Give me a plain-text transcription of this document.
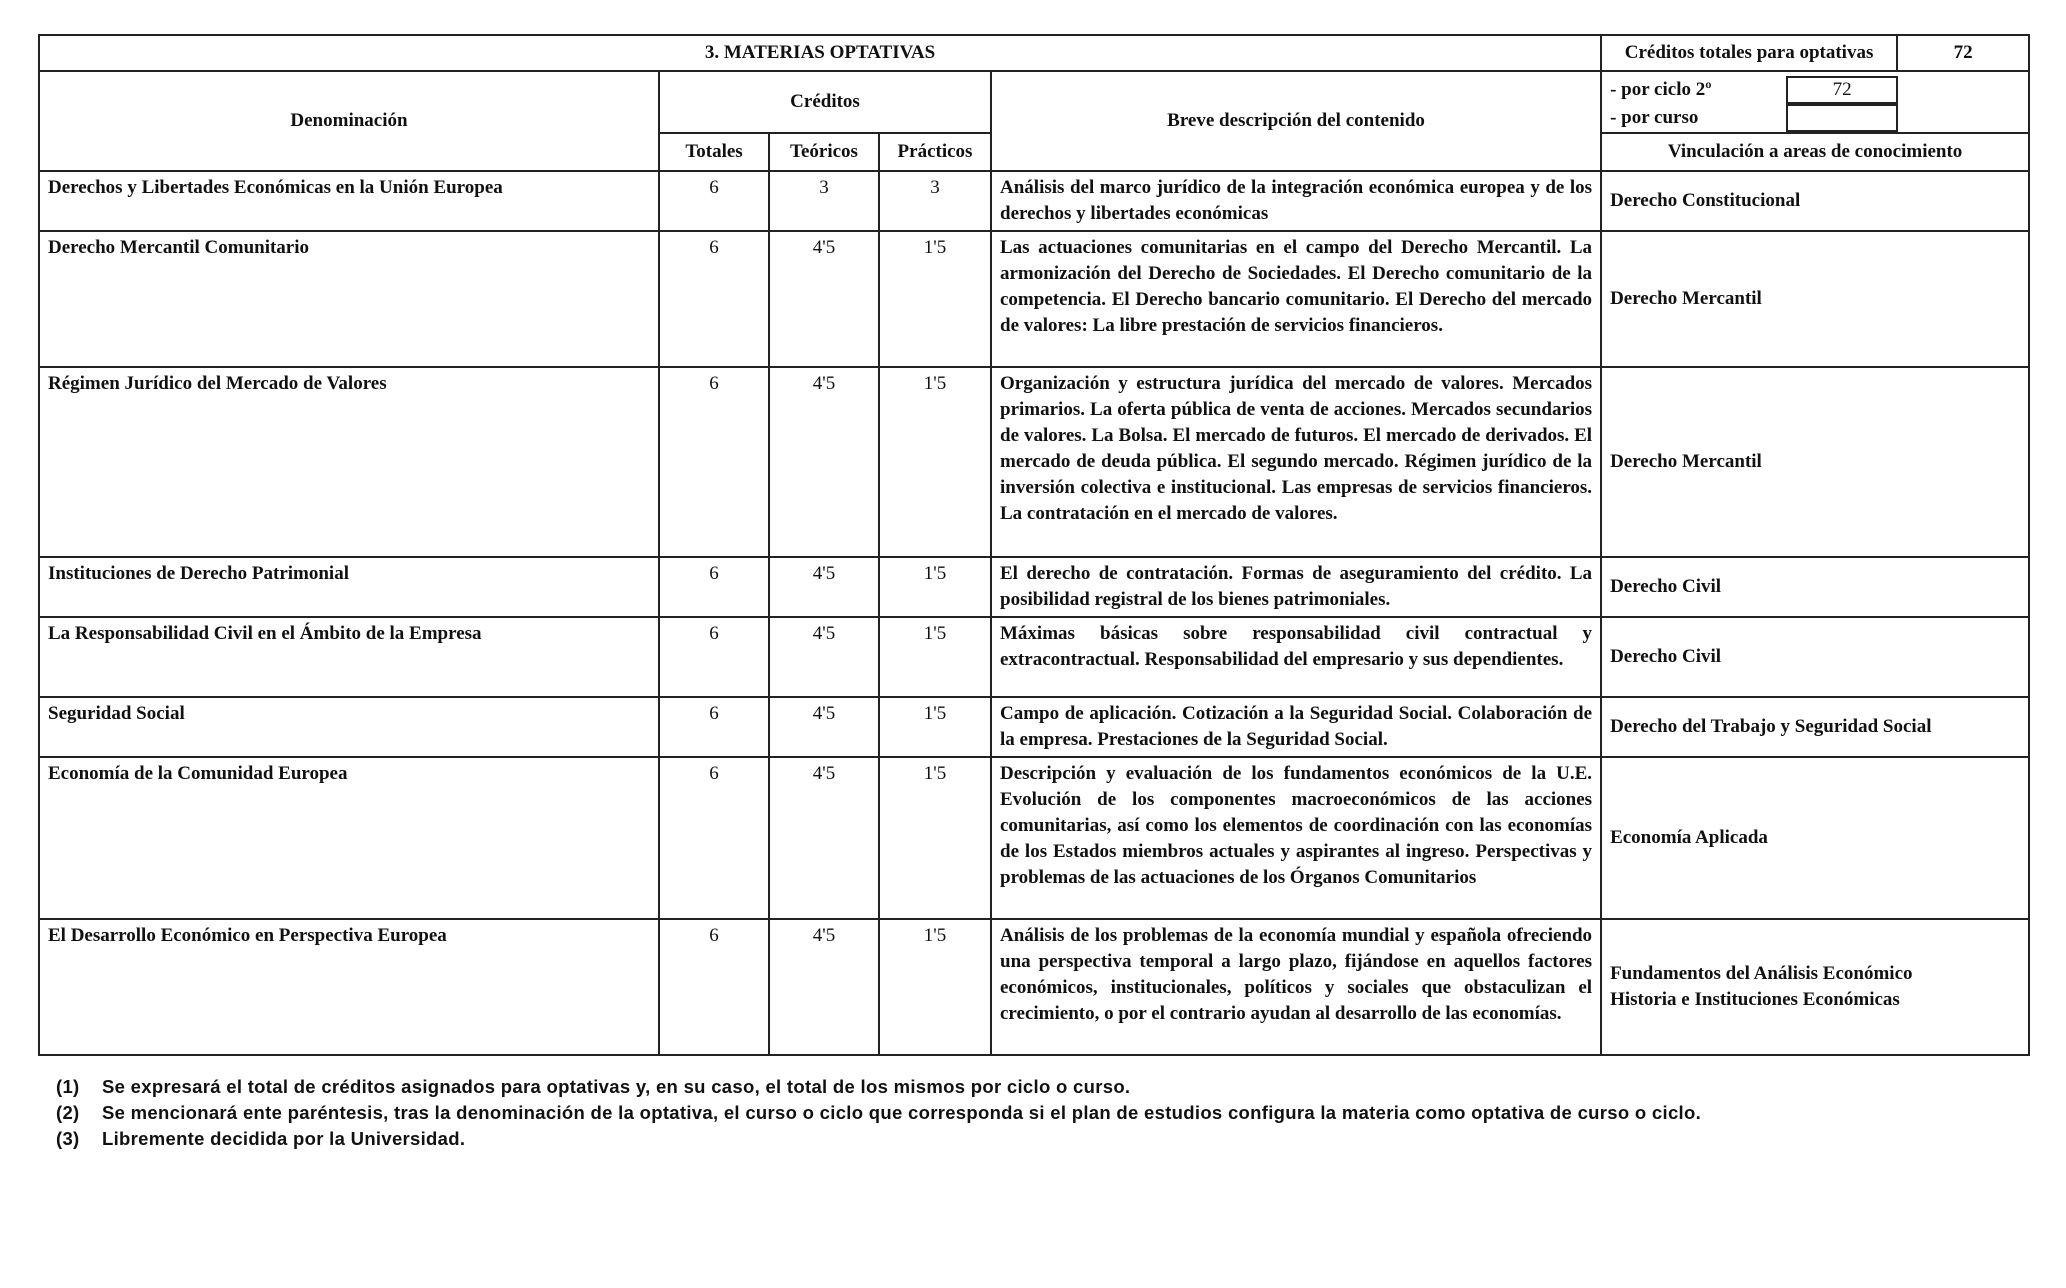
3. MATERIAS OPTATIVAS					Créditos totales para optativas 72

Denominación	Créditos			Breve descripción del contenido	- por ciclo 2º 72
- por curso

	Totales	Teóricos	Prácticos		Vinculación a areas de conocimiento
Derechos y Libertades Económicas en la Unión Europea	6	3	3	Análisis del marco jurídico de la integración económica europea y de los derechos y libertades económicas	Derecho Constitucional
Derecho Mercantil Comunitario	6	4'5	1'5	Las actuaciones comunitarias en el campo del Derecho Mercantil. La armonización del Derecho de Sociedades. El Derecho comunitario de la competencia. El Derecho bancario comunitario. El Derecho del mercado de valores: La libre prestación de servicios financieros.	Derecho Mercantil
Régimen Jurídico del Mercado de Valores	6	4'5	1'5	Organización y estructura jurídica del mercado de valores. Mercados primarios. La oferta pública de venta de acciones. Mercados secundarios de valores. La Bolsa. El mercado de futuros. El mercado de derivados. El mercado de deuda pública. El segundo mercado. Régimen jurídico de la inversión colectiva e institucional. Las empresas de servicios financieros. La contratación en el mercado de valores.	Derecho Mercantil
Instituciones de Derecho Patrimonial	6	4'5	1'5	El derecho de contratación. Formas de aseguramiento del crédito. La posibilidad registral de los bienes patrimoniales.	Derecho Civil
La Responsabilidad Civil en el Ámbito de la Empresa	6	4'5	1'5	Máximas básicas sobre responsabilidad civil contractual y extracontractual. Responsabilidad del empresario y sus dependientes.	Derecho Civil
Seguridad Social	6	4'5	1'5	Campo de aplicación. Cotización a la Seguridad Social. Colaboración de la empresa. Prestaciones de la Seguridad Social.	Derecho del Trabajo y Seguridad Social
Economía de la Comunidad Europea	6	4'5	1'5	Descripción y evaluación de los fundamentos económicos de la U.E. Evolución de los componentes macroeconómicos de las acciones comunitarias, así como los elementos de coordinación con las economías de los Estados miembros actuales y aspirantes al ingreso. Perspectivas y problemas de las actuaciones de los Órganos Comunitarios	Economía Aplicada
El Desarrollo Económico en Perspectiva Europea	6	4'5	1'5	Análisis de los problemas de la economía mundial y española ofreciendo una perspectiva temporal a largo plazo, fijándose en aquellos factores económicos, institucionales, políticos y sociales que obstaculizan el crecimiento, o por el contrario ayudan al desarrollo de las economías.	Fundamentos del Análisis Económico
Historia e Instituciones Económicas
(1)	Se expresará el total de créditos asignados para optativas y, en su caso, el total de los mismos por ciclo o curso.
(2)	Se mencionará ente paréntesis, tras la denominación de la optativa, el curso o ciclo que corresponda si el plan de estudios configura la materia como optativa de curso o ciclo.
(3)	Libremente decidida por la Universidad.
